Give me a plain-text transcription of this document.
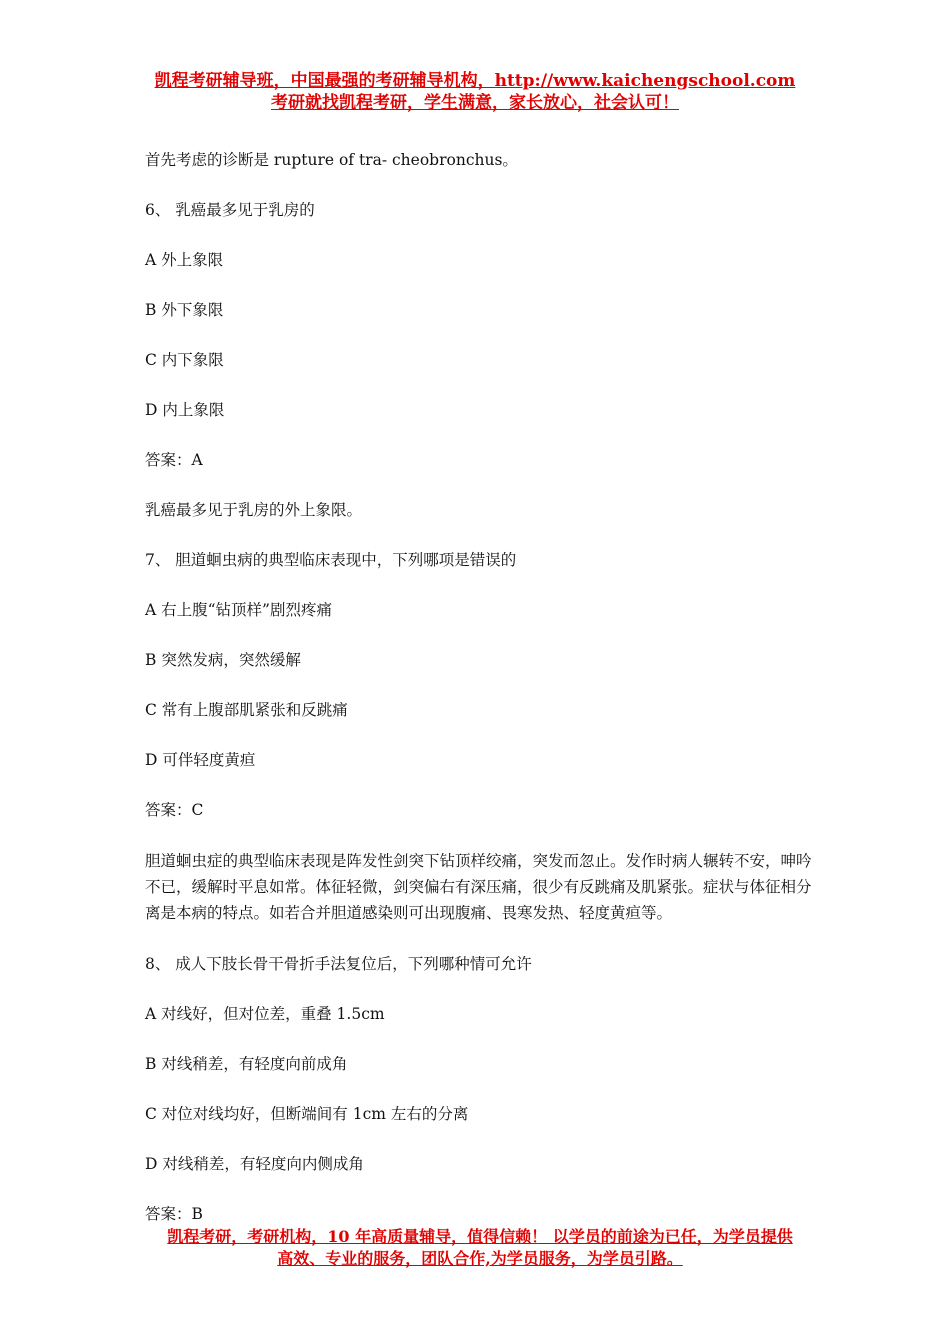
凯程考研辅导班，中国最强的考研辅导机构，http://www.kaichengschool.com
考研就找凯程考研，学生满意，家长放心，社会认可！

首先考虑的诊断是 rupture of tra- cheobronchus。

6、 乳癌最多见于乳房的

A 外上象限

B 外下象限

C 内下象限

D 内上象限

答案：A

乳癌最多见于乳房的外上象限。

7、 胆道蛔虫病的典型临床表现中，下列哪项是错误的

A 右上腹“钻顶样”剧烈疼痛

B 突然发病，突然缓解

C 常有上腹部肌紧张和反跳痛

D 可伴轻度黄疸

答案：C

胆道蛔虫症的典型临床表现是阵发性剑突下钻顶样绞痛，突发而忽止。发作时病人辗转不安，呻吟不已，缓解时平息如常。体征轻微，剑突偏右有深压痛，很少有反跳痛及肌紧张。症状与体征相分离是本病的特点。如若合并胆道感染则可出现腹痛、畏寒发热、轻度黄疸等。

8、 成人下肢长骨干骨折手法复位后，下列哪种情可允许

A 对线好，但对位差，重叠 1.5cm

B 对线稍差，有轻度向前成角

C 对位对线均好，但断端间有 1cm 左右的分离

D 对线稍差，有轻度向内侧成角

答案：B

凯程考研，考研机构，10 年高质量辅导，值得信赖！ 以学员的前途为已任，为学员提供
高效、专业的服务，团队合作,为学员服务，为学员引路。
